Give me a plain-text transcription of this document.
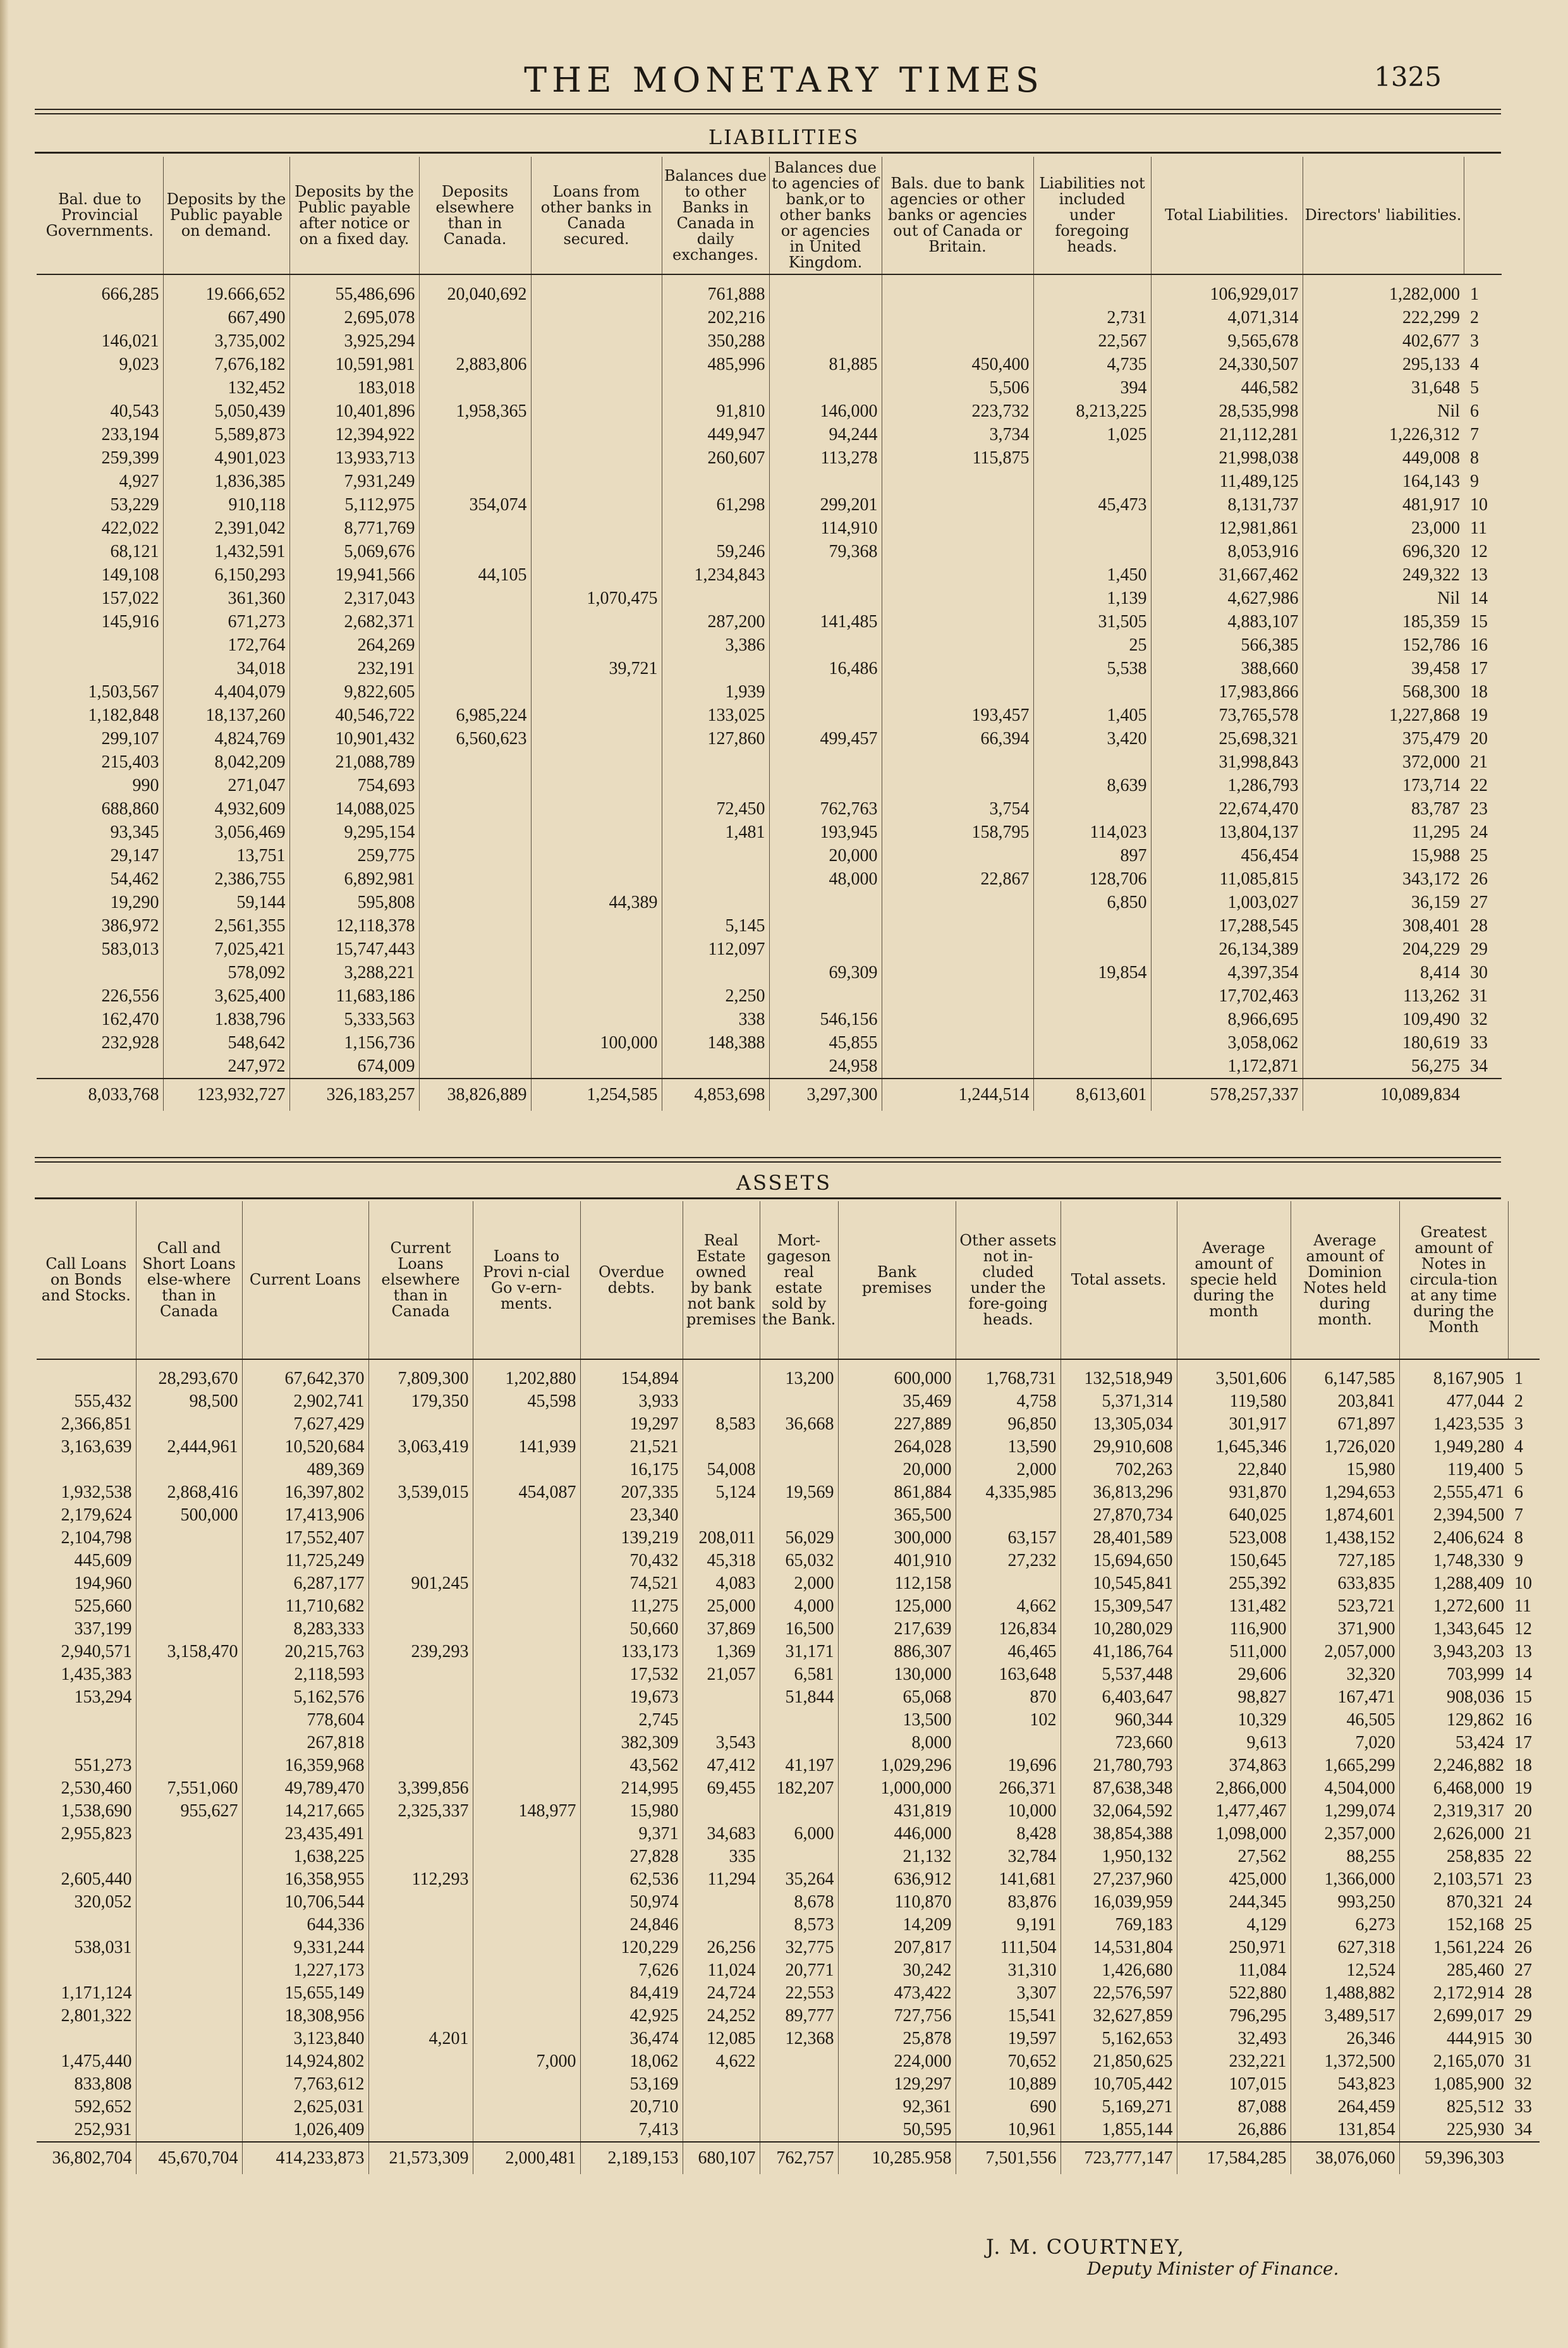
THE MONETARY TIMES	1325
LIABILITIES
Bal. due to Provincial Governments.	Deposits by the Public payable on demand.	Deposits by the Public payable after notice or on a fixed day.	Deposits elsewhere than in Canada.	Loans from other banks in Canada secured.	Balances due to other Banks in Canada in daily exchanges.	Balances due to agencies of bank,or to other banks or agencies in United Kingdom.	Bals. due to bank agencies or other banks or agencies out of Canada or Britain.	Liabilities not included under foregoing heads.	Total Liabilities.	Directors' liabilities.	
666,285	19.666,652	55,486,696	20,040,692		761,888				106,929,017	1,282,000	1
	667,490	2,695,078			202,216			2,731	4,071,314	222,299	2
146,021	3,735,002	3,925,294			350,288			22,567	9,565,678	402,677	3
9,023	7,676,182	10,591,981	2,883,806		485,996	81,885	450,400	4,735	24,330,507	295,133	4
	132,452	183,018					5,506	394	446,582	31,648	5
40,543	5,050,439	10,401,896	1,958,365		91,810	146,000	223,732	8,213,225	28,535,998	Nil	6
233,194	5,589,873	12,394,922			449,947	94,244	3,734	1,025	21,112,281	1,226,312	7
259,399	4,901,023	13,933,713			260,607	113,278	115,875		21,998,038	449,008	8
4,927	1,836,385	7,931,249							11,489,125	164,143	9
53,229	910,118	5,112,975	354,074		61,298	299,201		45,473	8,131,737	481,917	10
422,022	2,391,042	8,771,769				114,910			12,981,861	23,000	11
68,121	1,432,591	5,069,676			59,246	79,368			8,053,916	696,320	12
149,108	6,150,293	19,941,566	44,105		1,234,843			1,450	31,667,462	249,322	13
157,022	361,360	2,317,043		1,070,475				1,139	4,627,986	Nil	14
145,916	671,273	2,682,371			287,200	141,485		31,505	4,883,107	185,359	15
	172,764	264,269			3,386			25	566,385	152,786	16
	34,018	232,191		39,721		16,486		5,538	388,660	39,458	17
1,503,567	4,404,079	9,822,605			1,939				17,983,866	568,300	18
1,182,848	18,137,260	40,546,722	6,985,224		133,025		193,457	1,405	73,765,578	1,227,868	19
299,107	4,824,769	10,901,432	6,560,623		127,860	499,457	66,394	3,420	25,698,321	375,479	20
215,403	8,042,209	21,088,789							31,998,843	372,000	21
990	271,047	754,693						8,639	1,286,793	173,714	22
688,860	4,932,609	14,088,025			72,450	762,763	3,754		22,674,470	83,787	23
93,345	3,056,469	9,295,154			1,481	193,945	158,795	114,023	13,804,137	11,295	24
29,147	13,751	259,775				20,000		897	456,454	15,988	25
54,462	2,386,755	6,892,981				48,000	22,867	128,706	11,085,815	343,172	26
19,290	59,144	595,808		44,389				6,850	1,003,027	36,159	27
386,972	2,561,355	12,118,378			5,145				17,288,545	308,401	28
583,013	7,025,421	15,747,443			112,097				26,134,389	204,229	29
	578,092	3,288,221				69,309		19,854	4,397,354	8,414	30
226,556	3,625,400	11,683,186			2,250				17,702,463	113,262	31
162,470	1.838,796	5,333,563			338	546,156			8,966,695	109,490	32
232,928	548,642	1,156,736		100,000	148,388	45,855			3,058,062	180,619	33
	247,972	674,009				24,958			1,172,871	56,275	34
8,033,768	123,932,727	326,183,257	38,826,889	1,254,585	4,853,698	3,297,300	1,244,514	8,613,601	578,257,337	10,089,834	
ASSETS
Call Loans on Bonds and Stocks.	Call and Short Loans else-where than in Canada	Current Loans	Current Loans elsewhere than in Canada	Loans to Provi n-cial Go v-ern-ments.	Overdue debts.	Real Estate owned by bank not bank premises	Mort-gageson real estate sold by the Bank.	Bank premises	Other assets not in-cluded under the fore-going heads.	Total assets.	Average amount of specie held during the month	Average amount of Dominion Notes held during month.	Greatest amount of Notes in circula-tion at any time during the Month	
	28,293,670	67,642,370	7,809,300	1,202,880	154,894		13,200	600,000	1,768,731	132,518,949	3,501,606	6,147,585	8,167,905	1
555,432	98,500	2,902,741	179,350	45,598	3,933			35,469	4,758	5,371,314	119,580	203,841	477,044	2
2,366,851		7,627,429			19,297	8,583	36,668	227,889	96,850	13,305,034	301,917	671,897	1,423,535	3
3,163,639	2,444,961	10,520,684	3,063,419	141,939	21,521			264,028	13,590	29,910,608	1,645,346	1,726,020	1,949,280	4
		489,369			16,175	54,008		20,000	2,000	702,263	22,840	15,980	119,400	5
1,932,538	2,868,416	16,397,802	3,539,015	454,087	207,335	5,124	19,569	861,884	4,335,985	36,813,296	931,870	1,294,653	2,555,471	6
2,179,624	500,000	17,413,906			23,340			365,500		27,870,734	640,025	1,874,601	2,394,500	7
2,104,798		17,552,407			139,219	208,011	56,029	300,000	63,157	28,401,589	523,008	1,438,152	2,406,624	8
445,609		11,725,249			70,432	45,318	65,032	401,910	27,232	15,694,650	150,645	727,185	1,748,330	9
194,960		6,287,177	901,245		74,521	4,083	2,000	112,158		10,545,841	255,392	633,835	1,288,409	10
525,660		11,710,682			11,275	25,000	4,000	125,000	4,662	15,309,547	131,482	523,721	1,272,600	11
337,199		8,283,333			50,660	37,869	16,500	217,639	126,834	10,280,029	116,900	371,900	1,343,645	12
2,940,571	3,158,470	20,215,763	239,293		133,173	1,369	31,171	886,307	46,465	41,186,764	511,000	2,057,000	3,943,203	13
1,435,383		2,118,593			17,532	21,057	6,581	130,000	163,648	5,537,448	29,606	32,320	703,999	14
153,294		5,162,576			19,673		51,844	65,068	870	6,403,647	98,827	167,471	908,036	15
		778,604			2,745			13,500	102	960,344	10,329	46,505	129,862	16
		267,818			382,309	3,543		8,000		723,660	9,613	7,020	53,424	17
551,273		16,359,968			43,562	47,412	41,197	1,029,296	19,696	21,780,793	374,863	1,665,299	2,246,882	18
2,530,460	7,551,060	49,789,470	3,399,856		214,995	69,455	182,207	1,000,000	266,371	87,638,348	2,866,000	4,504,000	6,468,000	19
1,538,690	955,627	14,217,665	2,325,337	148,977	15,980			431,819	10,000	32,064,592	1,477,467	1,299,074	2,319,317	20
2,955,823		23,435,491			9,371	34,683	6,000	446,000	8,428	38,854,388	1,098,000	2,357,000	2,626,000	21
		1,638,225			27,828	335		21,132	32,784	1,950,132	27,562	88,255	258,835	22
2,605,440		16,358,955	112,293		62,536	11,294	35,264	636,912	141,681	27,237,960	425,000	1,366,000	2,103,571	23
320,052		10,706,544			50,974		8,678	110,870	83,876	16,039,959	244,345	993,250	870,321	24
		644,336			24,846		8,573	14,209	9,191	769,183	4,129	6,273	152,168	25
538,031		9,331,244			120,229	26,256	32,775	207,817	111,504	14,531,804	250,971	627,318	1,561,224	26
		1,227,173			7,626	11,024	20,771	30,242	31,310	1,426,680	11,084	12,524	285,460	27
1,171,124		15,655,149			84,419	24,724	22,553	473,422	3,307	22,576,597	522,880	1,488,882	2,172,914	28
2,801,322		18,308,956			42,925	24,252	89,777	727,756	15,541	32,627,859	796,295	3,489,517	2,699,017	29
		3,123,840	4,201		36,474	12,085	12,368	25,878	19,597	5,162,653	32,493	26,346	444,915	30
1,475,440		14,924,802		7,000	18,062	4,622		224,000	70,652	21,850,625	232,221	1,372,500	2,165,070	31
833,808		7,763,612			53,169			129,297	10,889	10,705,442	107,015	543,823	1,085,900	32
592,652		2,625,031			20,710			92,361	690	5,169,271	87,088	264,459	825,512	33
252,931		1,026,409			7,413			50,595	10,961	1,855,144	26,886	131,854	225,930	34
36,802,704	45,670,704	414,233,873	21,573,309	2,000,481	2,189,153	680,107	762,757	10,285.958	7,501,556	723,777,147	17,584,285	38,076,060	59,396,303	
J. M. COURTNEY,
Deputy Minister of Finance.
